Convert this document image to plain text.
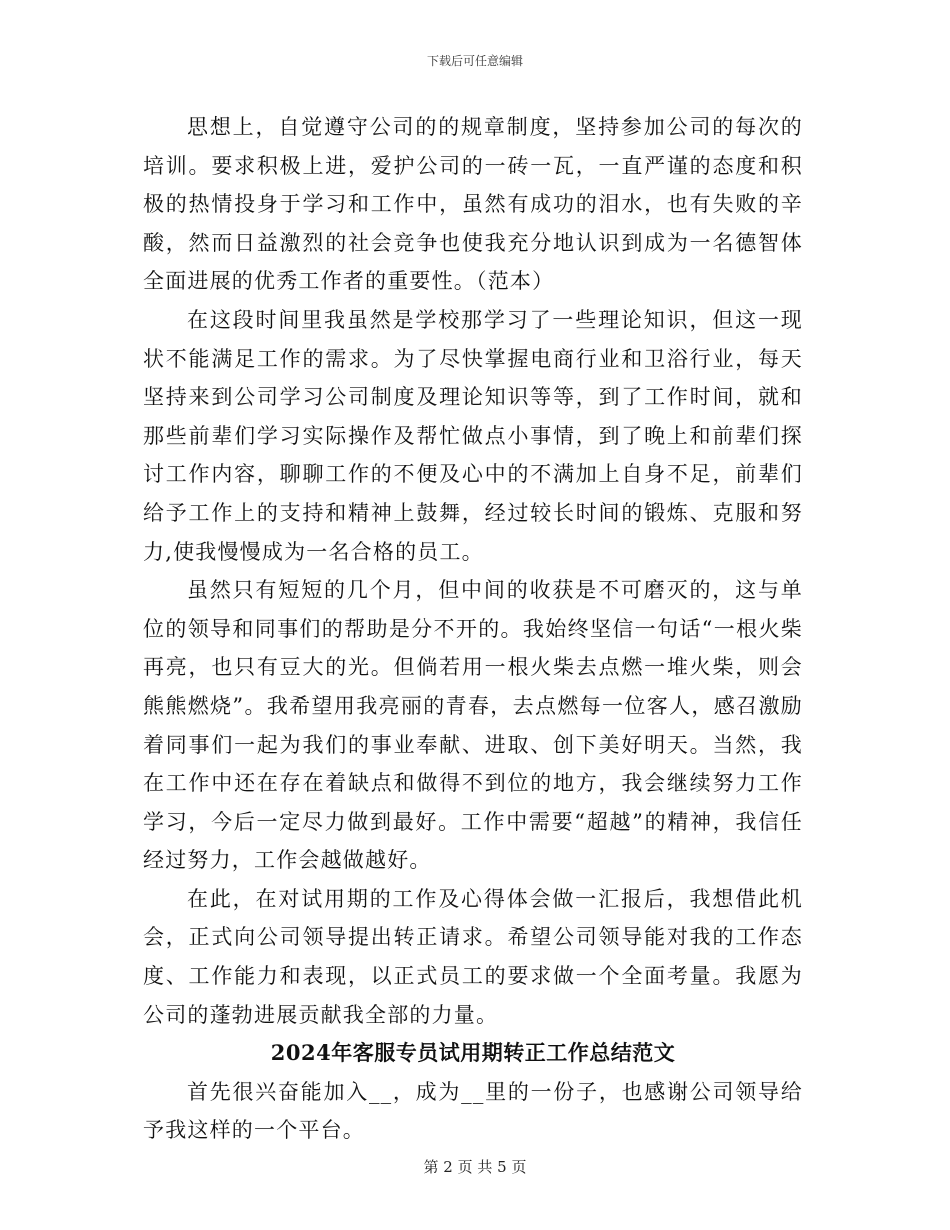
下载后可任意编辑

思想上，自觉遵守公司的的规章制度，坚持参加公司的每次的培训。要求积极上进，爱护公司的一砖一瓦，一直严谨的态度和积极的热情投身于学习和工作中，虽然有成功的泪水，也有失败的辛酸，然而日益激烈的社会竞争也使我充分地认识到成为一名德智体全面进展的优秀工作者的重要性。（范本）

在这段时间里我虽然是学校那学习了一些理论知识，但这一现状不能满足工作的需求。为了尽快掌握电商行业和卫浴行业，每天坚持来到公司学习公司制度及理论知识等等，到了工作时间，就和那些前辈们学习实际操作及帮忙做点小事情，到了晚上和前辈们探讨工作内容，聊聊工作的不便及心中的不满加上自身不足，前辈们给予工作上的支持和精神上鼓舞，经过较长时间的锻炼、克服和努力,使我慢慢成为一名合格的员工。

虽然只有短短的几个月，但中间的收获是不可磨灭的，这与单位的领导和同事们的帮助是分不开的。我始终坚信一句话“一根火柴再亮，也只有豆大的光。但倘若用一根火柴去点燃一堆火柴，则会熊熊燃烧”。我希望用我亮丽的青春，去点燃每一位客人，感召激励着同事们一起为我们的事业奉献、进取、创下美好明天。当然，我在工作中还在存在着缺点和做得不到位的地方，我会继续努力工作学习，今后一定尽力做到最好。工作中需要“超越”的精神，我信任经过努力，工作会越做越好。

在此，在对试用期的工作及心得体会做一汇报后，我想借此机会，正式向公司领导提出转正请求。希望公司领导能对我的工作态度、工作能力和表现，以正式员工的要求做一个全面考量。我愿为公司的蓬勃进展贡献我全部的力量。

2024年客服专员试用期转正工作总结范文

首先很兴奋能加入__，成为__里的一份子，也感谢公司领导给予我这样的一个平台。

第 2 页 共 5 页
